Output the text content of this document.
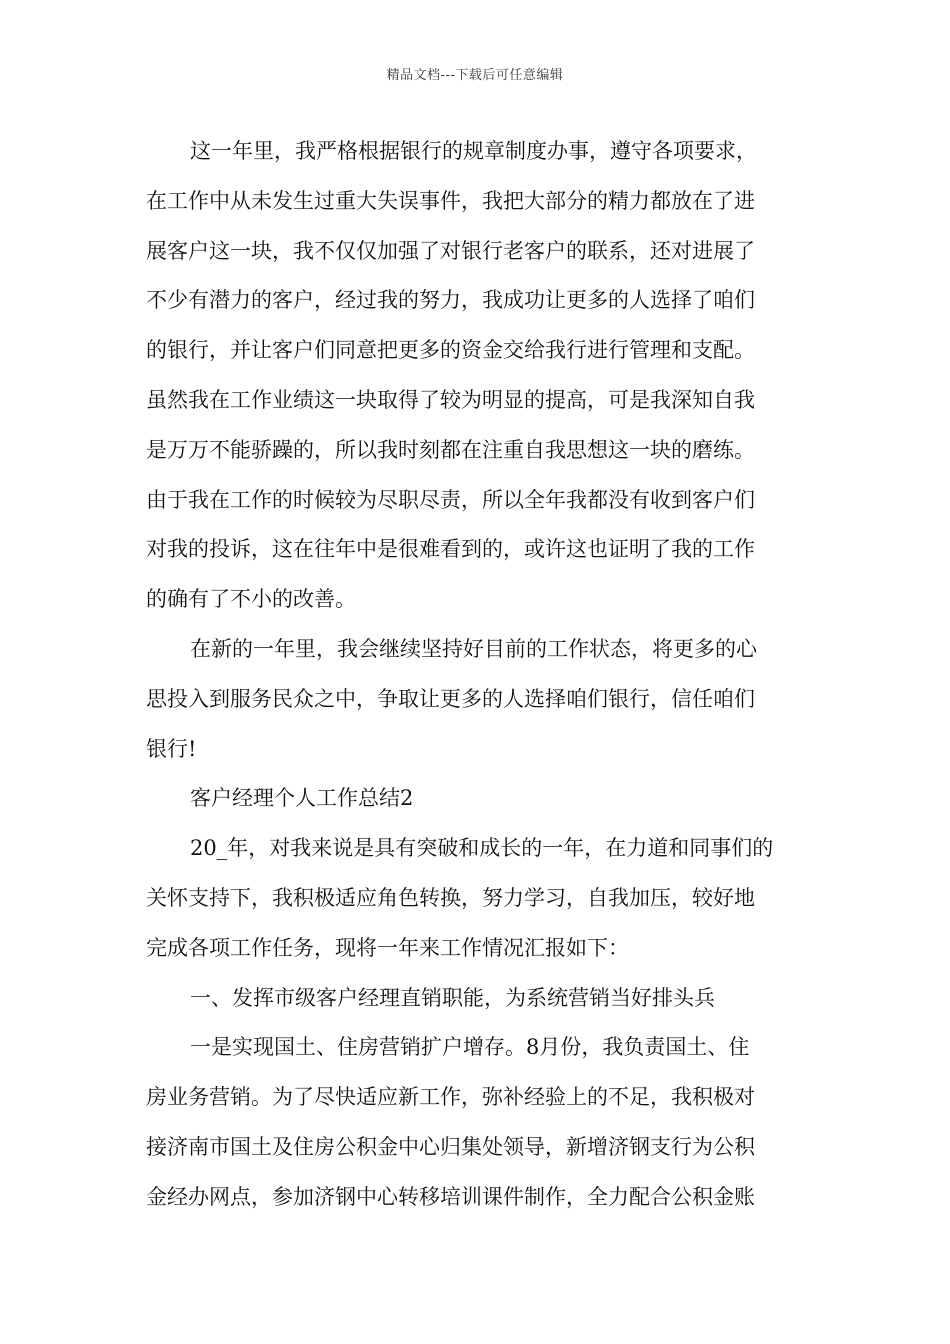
精品文档---下载后可任意编辑
这一年里，我严格根据银行的规章制度办事，遵守各项要求，
在工作中从未发生过重大失误事件，我把大部分的精力都放在了进
展客户这一块，我不仅仅加强了对银行老客户的联系，还对进展了
不少有潜力的客户，经过我的努力，我成功让更多的人选择了咱们
的银行，并让客户们同意把更多的资金交给我行进行管理和支配。
虽然我在工作业绩这一块取得了较为明显的提高，可是我深知自我
是万万不能骄躁的，所以我时刻都在注重自我思想这一块的磨练。
由于我在工作的时候较为尽职尽责，所以全年我都没有收到客户们
对我的投诉，这在往年中是很难看到的，或许这也证明了我的工作
的确有了不小的改善。
在新的一年里，我会继续坚持好目前的工作状态，将更多的心
思投入到服务民众之中，争取让更多的人选择咱们银行，信任咱们
银行!
客户经理个人工作总结2
20_年，对我来说是具有突破和成长的一年，在力道和同事们的
关怀支持下，我积极适应角色转换，努力学习，自我加压，较好地
完成各项工作任务，现将一年来工作情况汇报如下：
一、发挥市级客户经理直销职能，为系统营销当好排头兵
一是实现国土、住房营销扩户增存。8月份，我负责国土、住
房业务营销。为了尽快适应新工作，弥补经验上的不足，我积极对
接济南市国土及住房公积金中心归集处领导，新增济钢支行为公积
金经办网点，参加济钢中心转移培训课件制作，全力配合公积金账
